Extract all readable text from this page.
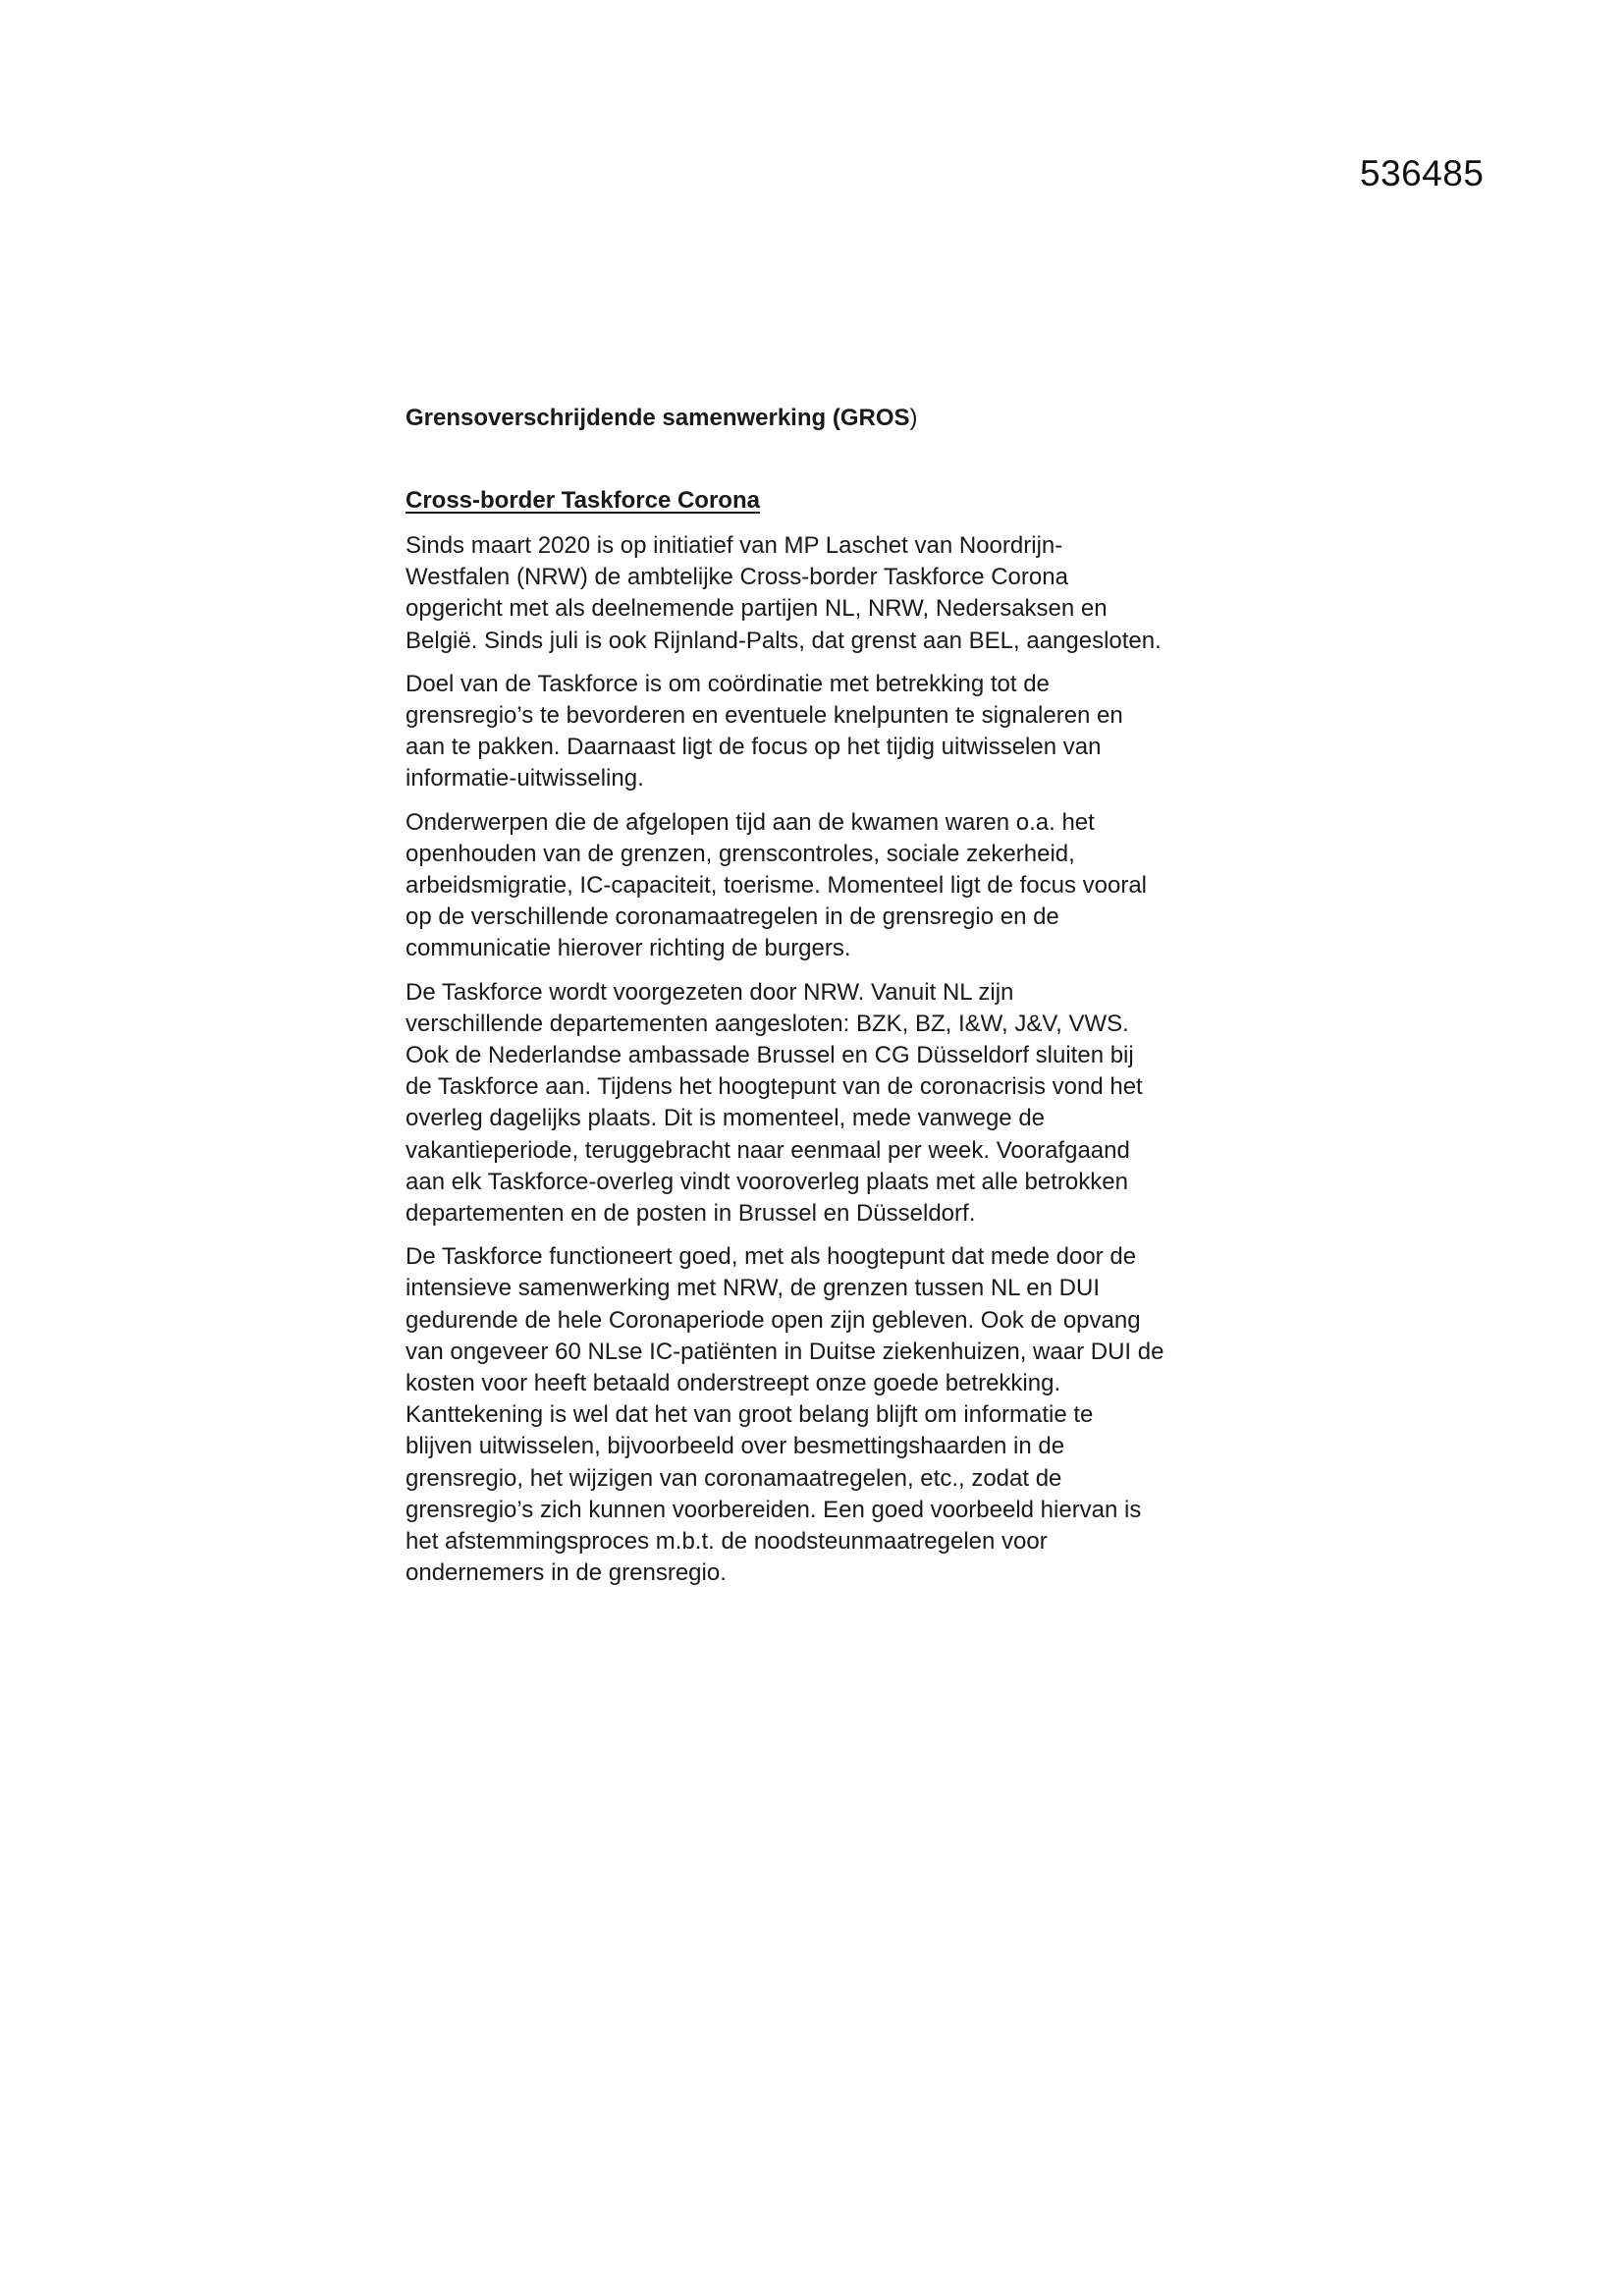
536485
Grensoverschrijdende samenwerking (GROS)
Cross-border Taskforce Corona

Sinds maart 2020 is op initiatief van MP Laschet van Noordrijn-
Westfalen (NRW) de ambtelijke Cross-border Taskforce Corona
opgericht met als deelnemende partijen NL, NRW, Nedersaksen en
België. Sinds juli is ook Rijnland-Palts, dat grenst aan BEL, aangesloten.

Doel van de Taskforce is om coördinatie met betrekking tot de
grensregio’s te bevorderen en eventuele knelpunten te signaleren en
aan te pakken. Daarnaast ligt de focus op het tijdig uitwisselen van
informatie-uitwisseling.

Onderwerpen die de afgelopen tijd aan de kwamen waren o.a. het
openhouden van de grenzen, grenscontroles, sociale zekerheid,
arbeidsmigratie, IC-capaciteit, toerisme. Momenteel ligt de focus vooral
op de verschillende coronamaatregelen in de grensregio en de
communicatie hierover richting de burgers.

De Taskforce wordt voorgezeten door NRW. Vanuit NL zijn
verschillende departementen aangesloten: BZK, BZ, I&W, J&V, VWS.
Ook de Nederlandse ambassade Brussel en CG Düsseldorf sluiten bij
de Taskforce aan. Tijdens het hoogtepunt van de coronacrisis vond het
overleg dagelijks plaats. Dit is momenteel, mede vanwege de
vakantieperiode, teruggebracht naar eenmaal per week. Voorafgaand
aan elk Taskforce-overleg vindt vooroverleg plaats met alle betrokken
departementen en de posten in Brussel en Düsseldorf.

De Taskforce functioneert goed, met als hoogtepunt dat mede door de
intensieve samenwerking met NRW, de grenzen tussen NL en DUI
gedurende de hele Coronaperiode open zijn gebleven. Ook de opvang
van ongeveer 60 NLse IC-patiënten in Duitse ziekenhuizen, waar DUI de
kosten voor heeft betaald onderstreept onze goede betrekking.
Kanttekening is wel dat het van groot belang blijft om informatie te
blijven uitwisselen, bijvoorbeeld over besmettingshaarden in de
grensregio, het wijzigen van coronamaatregelen, etc., zodat de
grensregio’s zich kunnen voorbereiden. Een goed voorbeeld hiervan is
het afstemmingsproces m.b.t. de noodsteunmaatregelen voor
ondernemers in de grensregio.
